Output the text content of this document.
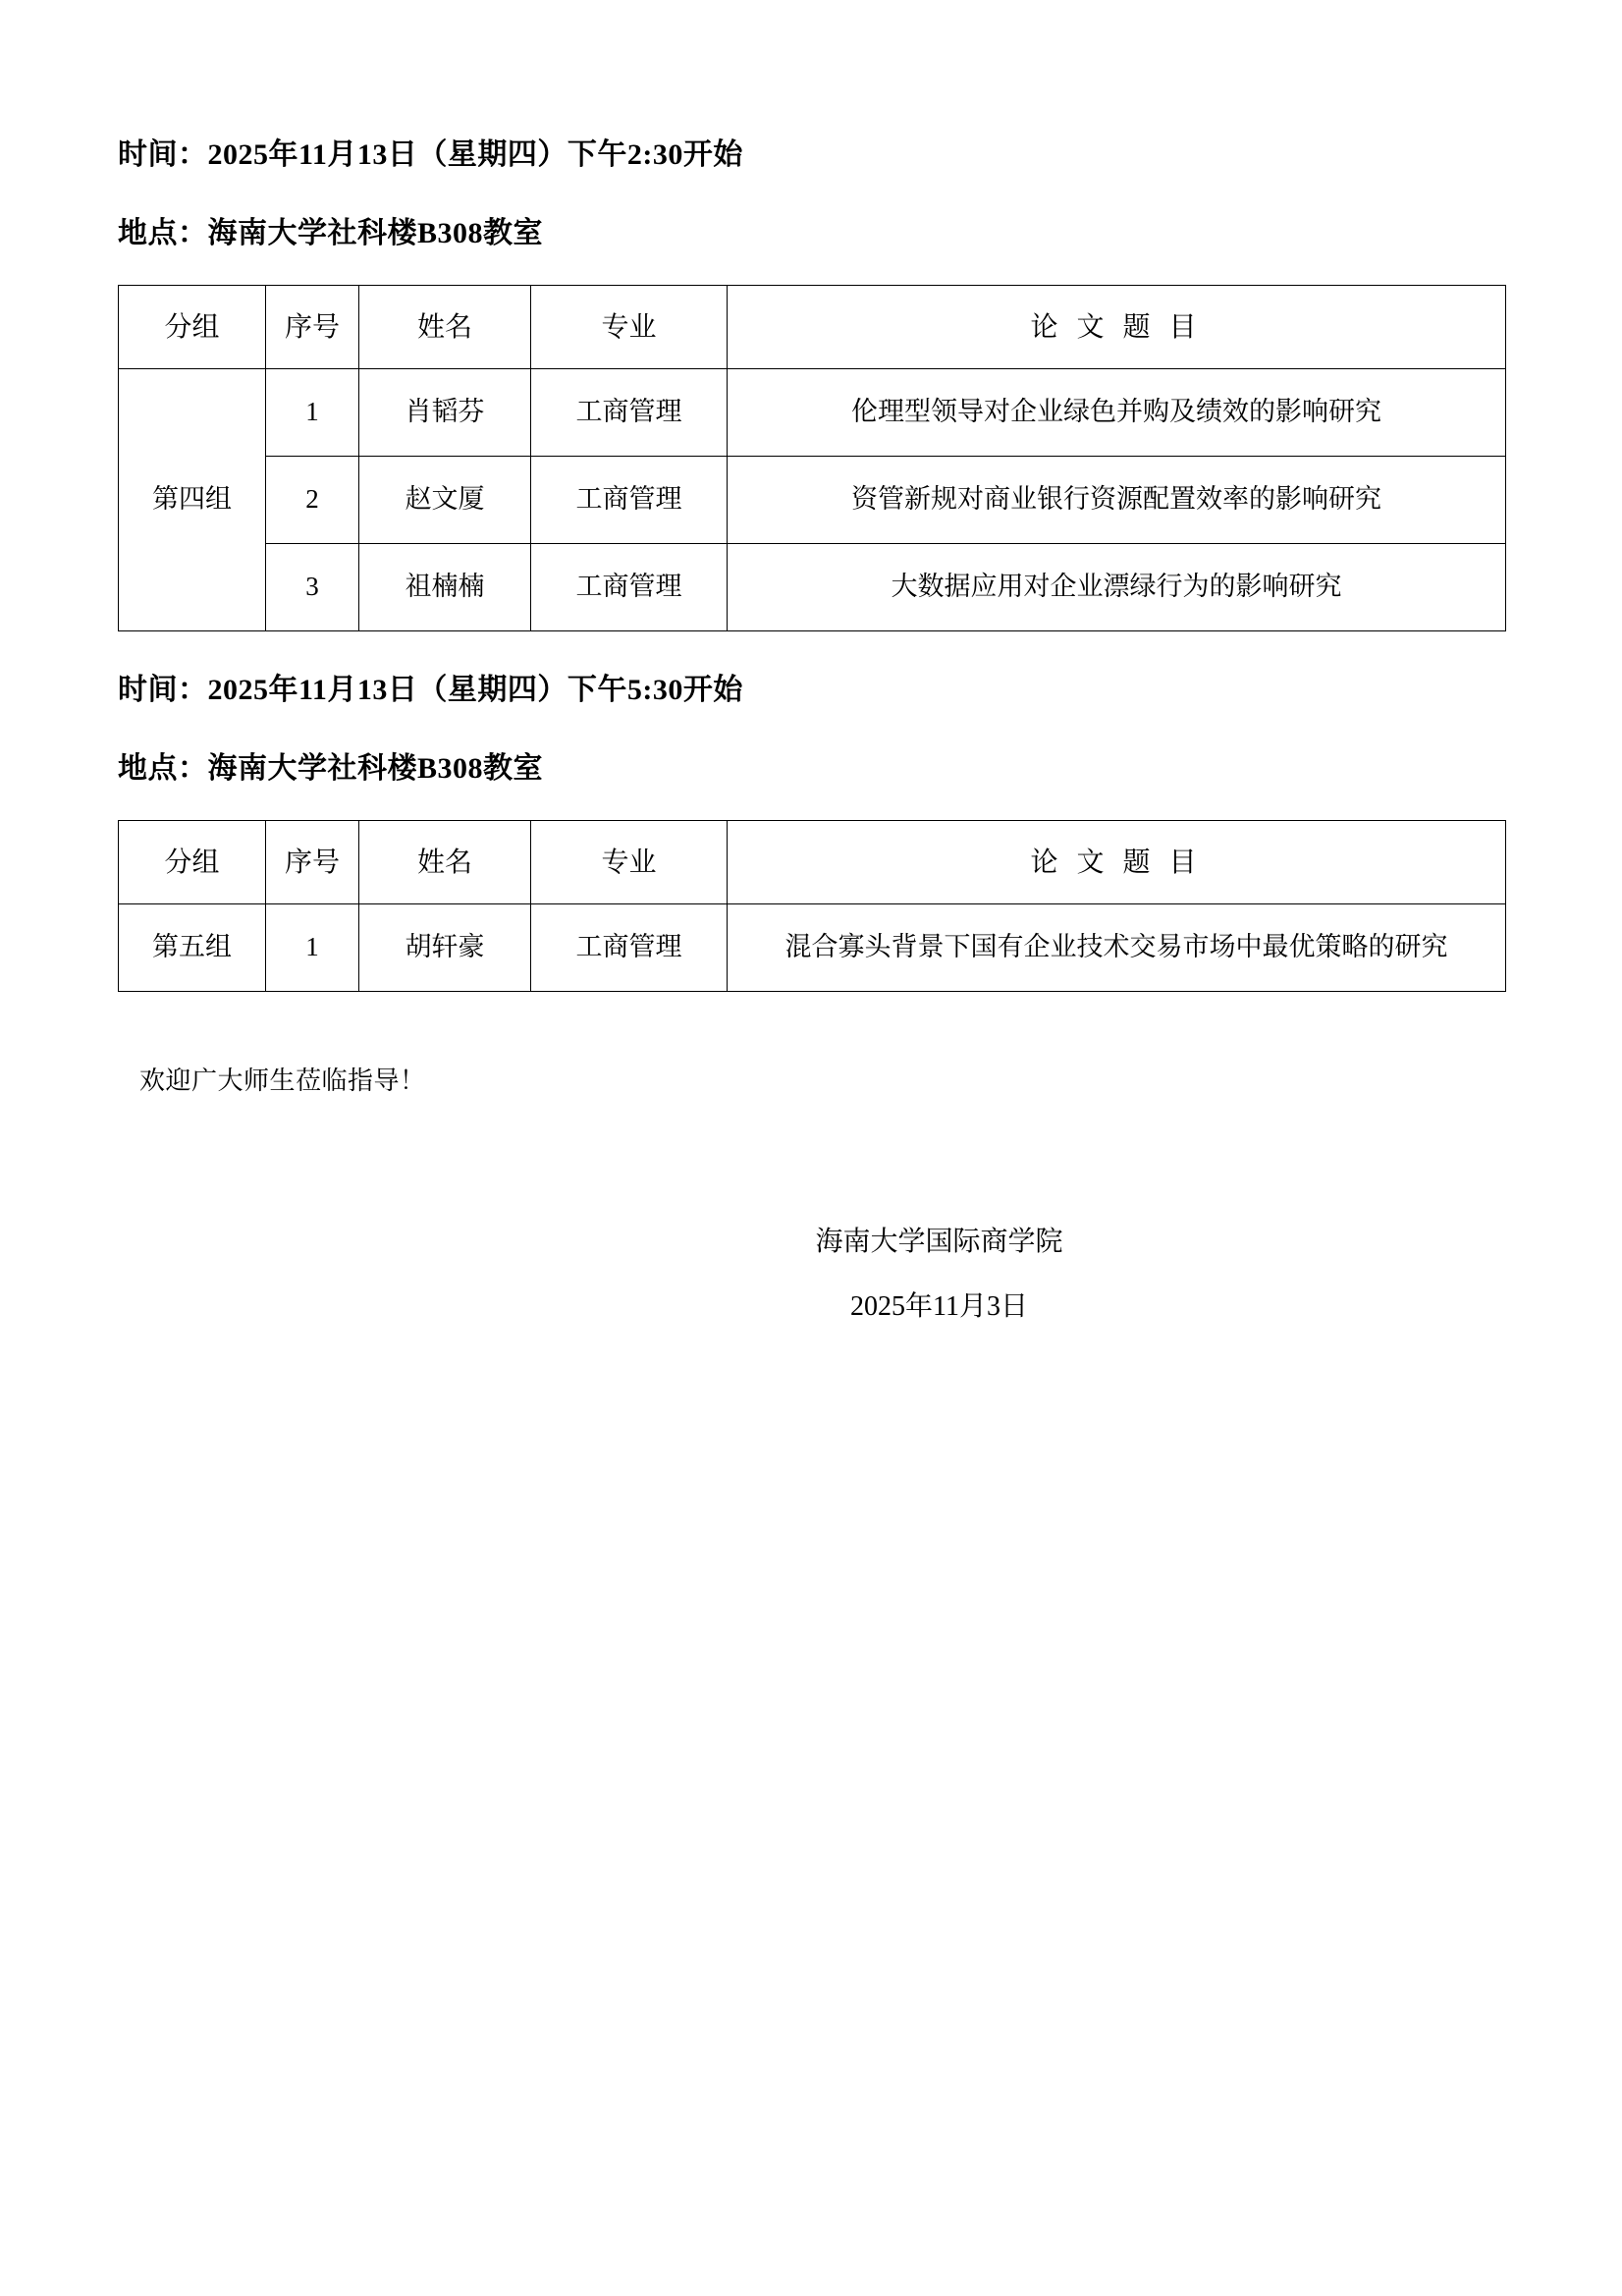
时间：2025年11月13日（星期四）下午2:30开始

地点：海南大学社科楼B308教室

分组	序号	姓名	专业	论 文 题 目
第四组	1	肖韬芬	工商管理	伦理型领导对企业绿色并购及绩效的影响研究
	2	赵文厦	工商管理	资管新规对商业银行资源配置效率的影响研究
	3	祖楠楠	工商管理	大数据应用对企业漂绿行为的影响研究

时间：2025年11月13日（星期四）下午5:30开始

地点：海南大学社科楼B308教室

分组	序号	姓名	专业	论 文 题 目
第五组	1	胡轩豪	工商管理	混合寡头背景下国有企业技术交易市场中最优策略的研究

欢迎广大师生莅临指导！

海南大学国际商学院

2025年11月3日
